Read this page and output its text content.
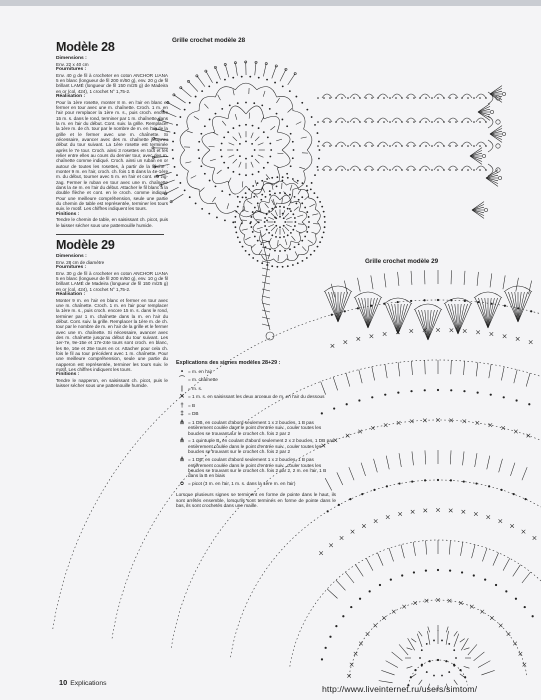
Modèle 28
Dimensions :
Env. 22 x 40 cm
Fournitures :
Env. 40 g de fil à crocheter en coton ANCHOR LIANA 5 en blanc (longueur de fil 200 m/50 g), env. 20 g de fil brillant LAMÉ (longueur de fil 150 m/25 g) de Madeira en or (col. 424), 1 crochet N° 1,75-2.
Réalisation :
Pour la 1ère rosette, monter 8 m. en l'air en blanc et fermer en tour avec une m. chaînette. Croch. 1 m. en l'air pour remplacer la 1ère m. s., puis croch. encore 15 m. s. dans le rond, terminer par 1 m. chaînette dans la m. en l'air du début. Cont. suiv. la grille. Remplacer la 1ère m. de ch. tour par le nombre de m. en l'air de la grille et le fermer avec une m. chaînette. Si nécessaire, avancer avec des m. chaînette jusqu'au début du tour suivant. La 1ère rosette est terminée après le 7e tour. Croch. ainsi 3 rosettes en tout et les relier entre elles au cours du dernier tour, avec des m. chaînette comme indiqué. Croch. ainsi un ruban en or autour de toutes les rosettes, à partir de la flèche : monter 9 m. en l'air, croch. ch. fois 1 B dans la 4e-1ère m. du début, tourner avec 5 m. en l'air et cont. en zig-zag. Fermer le ruban en tour avec une m. chaînette dans la 4e m. en l'air du début. Attacher le fil blanc à la double flèche et cont. en le croch. comme indiqué. Pour une meilleure compréhension, seule une partie du chemin de table est représentée, terminer les tours suiv. le motif. Les chiffres indiquent les tours.
Finitions :
Tendre le chemin de table, en saisissant ch. picot, puis le laisser sécher sous une pattemouille humide.
Modèle 29
Dimensions :
Env. 28 cm de diamètre
Fournitures :
Env. 30 g de fil à crocheter en coton ANCHOR LIANA 5 en blanc (longueur de fil 200 m/50 g), env. 10 g de fil brillant LAMÉ de Madeira (longueur de fil 150 m/25 g) en or (col. 424), 1 crochet N° 1,75-2.
Réalisation :
Monter 9 m. en l'air en blanc et fermer en tour avec une m. chaînette. Croch. 1 m. en l'air pour remplacer la 1ère m. s., puis croch. encore 15 m. s. dans le rond, terminer par 1 m. chaînette dans la m. en l'air du début. Cont. suiv. la grille. Remplacer la 1ère m. de ch. tour par le nombre de m. en l'air de la grille et le fermer avec une m. chaînette. Si nécessaire, avancer avec des m. chaînette jusqu'au début du tour suivant. Les 1er-7e, 9e-15e et 17e-24e tours sont croch. en blanc, les 8e, 16e et 25e tours en or. Attacher pour cela ch. fois le fil au tour précédent avec 1 m. chaînette. Pour une meilleure compréhension, seule une partie du napperon est représentée, terminer les tours suiv. le motif. Les chiffres indiquent les tours.
Finitions :
Tendre le napperon, en saisissant ch. picot, puis le laisser sécher sous une pattemouille humide.
Grille crochet modèle 28
Grille crochet modèle 29
Explications des signes modèles 28+29 :
•	= m. en l'air
⌒ = m. chaînette
|	= m. s.
✕ = 1 m. s. en saisissant les deux arceaux de m. en l'air du dessous
† = B
‡ = DB
⋔ = 1 DB, en coulant d'abord seulement 1 x 2 boucles, 1 B pas entièrement coulée dans le point d'entrée suiv., couler toutes les boucles se trouvant sur le crochet ch. fois 2 par 2
⋔ = 1 quintuple B, en coulant d'abord seulement 2 x 2 boucles, 1 DB pas entièrement coulée dans le point d'entrée suiv., couler toutes les boucles se trouvant sur le crochet ch. fois 2 par 2
⋔ = 1 DB, en coulant d'abord seulement 1 x 2 boucles, 1 B pas entièrement coulée dans le point d'entrée suiv., couler toutes les boucles se trouvant sur le crochet ch. fois 2 par 2, 2 m. en l'air, 1 B dans la B en biais
ᴑ = picot (3 m. en l'air, 1 m. s. dans la 1ère m. en l'air)
Lorsque plusieurs signes se terminent en forme de pointe dans le haut, ils sont arrêtés ensemble, lorsqu'ils sont terminés en forme de pointe dans le bas, ils sont crochetés dans une maille.
10 Explications
http://www.liveinternet.ru/users/simtom/
